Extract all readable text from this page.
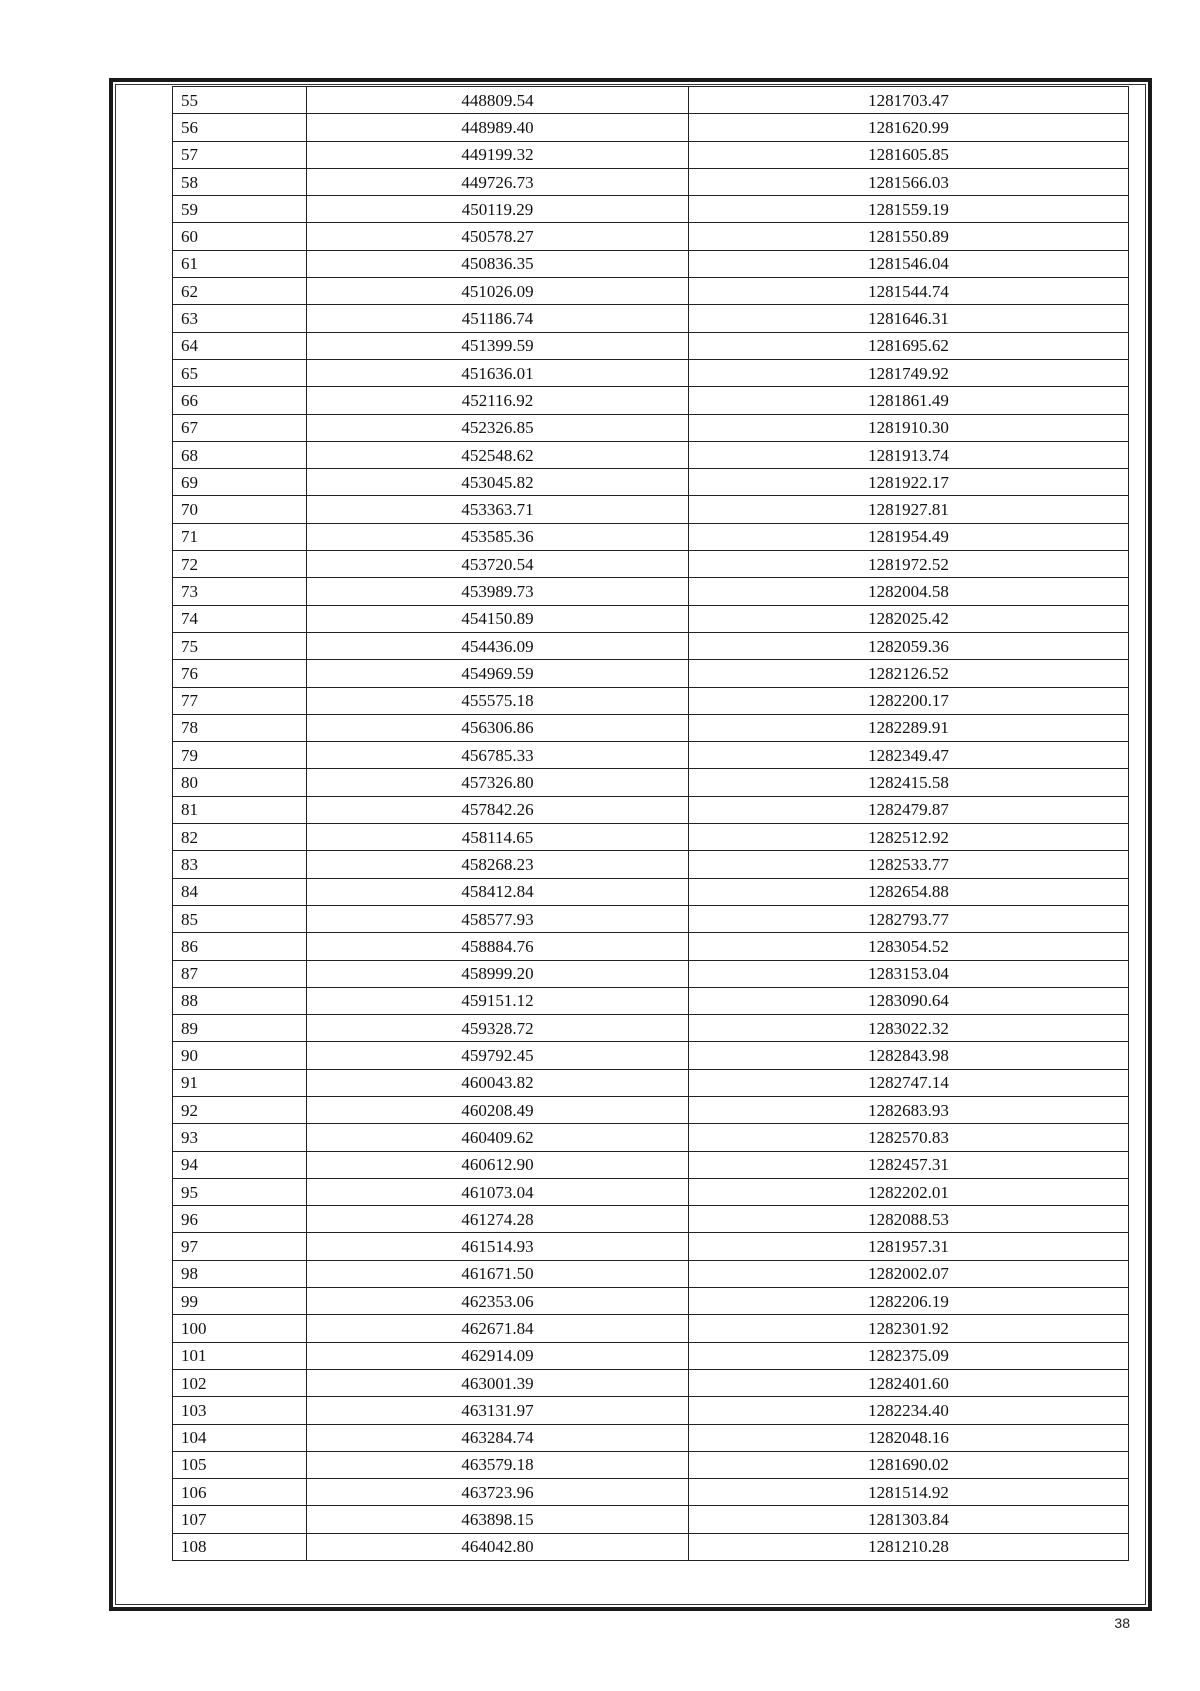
55	448809.54	1281703.47
56	448989.40	1281620.99
57	449199.32	1281605.85
58	449726.73	1281566.03
59	450119.29	1281559.19
60	450578.27	1281550.89
61	450836.35	1281546.04
62	451026.09	1281544.74
63	451186.74	1281646.31
64	451399.59	1281695.62
65	451636.01	1281749.92
66	452116.92	1281861.49
67	452326.85	1281910.30
68	452548.62	1281913.74
69	453045.82	1281922.17
70	453363.71	1281927.81
71	453585.36	1281954.49
72	453720.54	1281972.52
73	453989.73	1282004.58
74	454150.89	1282025.42
75	454436.09	1282059.36
76	454969.59	1282126.52
77	455575.18	1282200.17
78	456306.86	1282289.91
79	456785.33	1282349.47
80	457326.80	1282415.58
81	457842.26	1282479.87
82	458114.65	1282512.92
83	458268.23	1282533.77
84	458412.84	1282654.88
85	458577.93	1282793.77
86	458884.76	1283054.52
87	458999.20	1283153.04
88	459151.12	1283090.64
89	459328.72	1283022.32
90	459792.45	1282843.98
91	460043.82	1282747.14
92	460208.49	1282683.93
93	460409.62	1282570.83
94	460612.90	1282457.31
95	461073.04	1282202.01
96	461274.28	1282088.53
97	461514.93	1281957.31
98	461671.50	1282002.07
99	462353.06	1282206.19
100	462671.84	1282301.92
101	462914.09	1282375.09
102	463001.39	1282401.60
103	463131.97	1282234.40
104	463284.74	1282048.16
105	463579.18	1281690.02
106	463723.96	1281514.92
107	463898.15	1281303.84
108	464042.80	1281210.28
38
